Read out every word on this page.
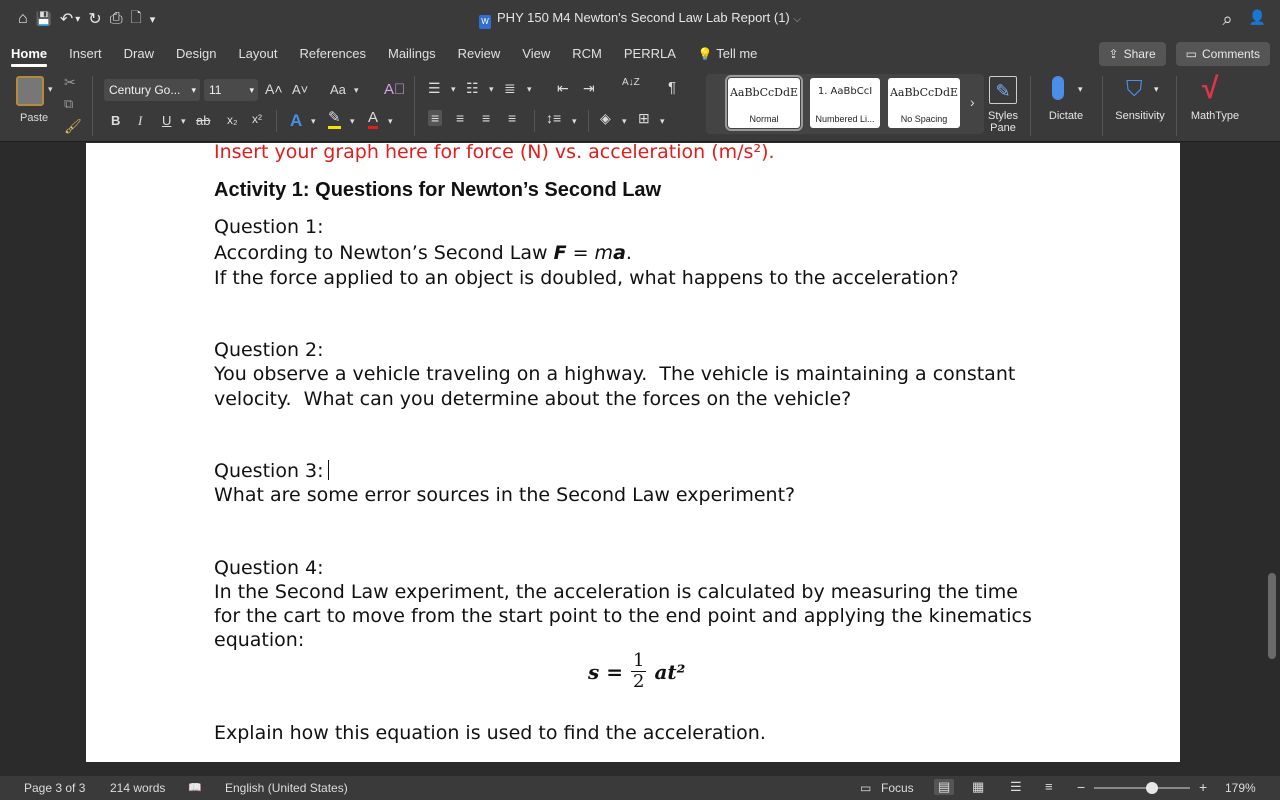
⌂ 💾 ↶ ▾ ↻ ⎙ 🗋 ▾	W PHY 150 M4 Newton's Second Law Lab Report (1) ⌵	⌕ 👤
Home	Insert	Draw	Design	Layout	References	Mailings	Review	View	RCM	PERRLA	💡 Tell me	⇪ Share	▭ Comments
▾ ✂
⧉
🖌
Paste
Century Go... ▾	11	▾ A˄ A˅ Aa ▾ A⃠
B I U ▾ ab x₂ x² A ▾ ✎ ▾ A ▾
☰ ▾ ☷ ▾ ≣ ▾ ⇤ ⇥	A↓Z ¶
≡ ≡ ≡ ≡ ↕≡ ▾ ◈ ▾ ⊞ ▾
AaBbCcDdE
Normal
1. AaBbCcI
Numbered Li...
AaBbCcDdE
No Spacing
›
✎
Styles Pane
▾
Dictate
⛉ ▾
Sensitivity
√
MathType
Insert your graph here for force (N) vs. acceleration (m/s²).
Activity 1: Questions for Newton’s Second Law
Question 1:
According to Newton’s Second Law F = ma.
If the force applied to an object is doubled, what happens to the acceleration?
Question 2:
You observe a vehicle traveling on a highway.  The vehicle is maintaining a constant
velocity.  What can you determine about the forces on the vehicle?
Question 3:
What are some error sources in the Second Law experiment?
Question 4:
In the Second Law experiment, the acceleration is calculated by measuring the time
for the cart to move from the start point to the end point and applying the kinematics
equation:
$s = \frac{1}{2} at^2$
Explain how this equation is used to find the acceleration.
Page 3 of 3 214 words 📖 English (United States)	▭ Focus	▤	▦ ☰ ≡ −	+ 179%
